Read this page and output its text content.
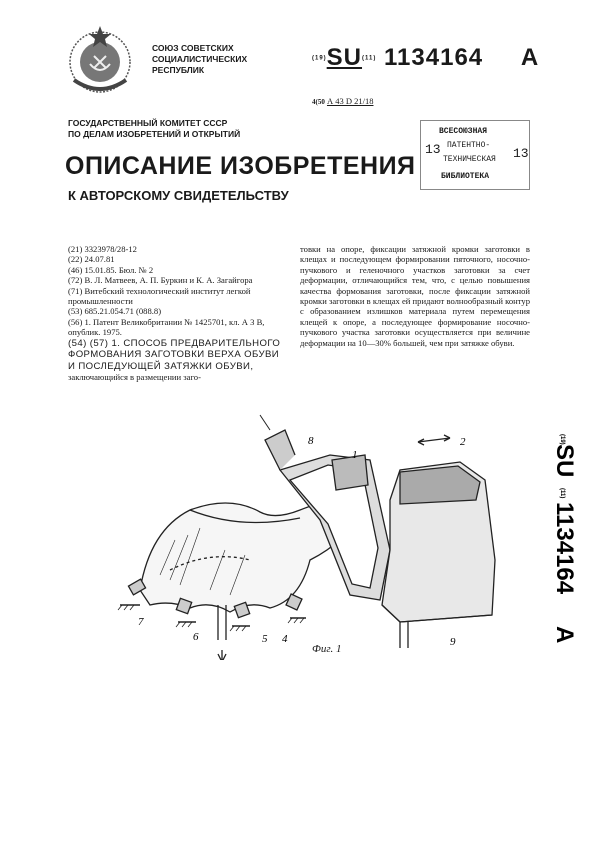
СОЮЗ СОВЕТСКИХ
СОЦИАЛИСТИЧЕСКИХ
РЕСПУБЛИК
(19)SU(11) 1134164 A
4(50 А 43 D 21/18
ГОСУДАРСТВЕННЫЙ КОМИТЕТ СССР
ПО ДЕЛАМ ИЗОБРЕТЕНИЙ И ОТКРЫТИЙ	ВСЕСОЮЗНАЯ
ПАТЕНТНО-
ТЕХНИЧЕСКАЯ
БИБЛИОТЕКА
13	13
ОПИСАНИЕ ИЗОБРЕТЕНИЯ
К АВТОРСКОМУ СВИДЕТЕЛЬСТВУ
(21) 3323978/28-12
(22) 24.07.81
(46) 15.01.85. Бюл. № 2
(72) В. Л. Матвеев, А. П. Буркин и К. А. Загайгора
(71) Витебский технологический институт легкой промышленности
(53) 685.21.054.71 (088.8)
(56) 1. Патент Великобритании № 1425701, кл. А 3 В, опублик. 1975.
(54) (57) 1. СПОСОБ ПРЕДВАРИТЕЛЬНОГО ФОРМОВАНИЯ ЗАГОТОВКИ ВЕРХА ОБУВИ И ПОСЛЕДУЮЩЕЙ ЗАТЯЖКИ ОБУВИ, заключающийся в размещении заго-
товки на опоре, фиксации затяжной кромки заготовки в клещах и последующем формировании пяточного, носочно-пучкового и геленочного участков заготовки за счет деформации, отличающийся тем, что, с целью повышения качества формования заготовки, после фиксации затяжной кромки заготовки в клещах ей придают волнообразный контур с образованием излишков материала путем перемещения клещей к опоре, а последующее формирование носочно-пучкового участка заготовки осуществляется при величине деформации на 10—30% большей, чем при затяжке обуви.
(19)
SU
(11)
1134164
A
8
1
2
7
6	5 4	9
Фиг. 1
